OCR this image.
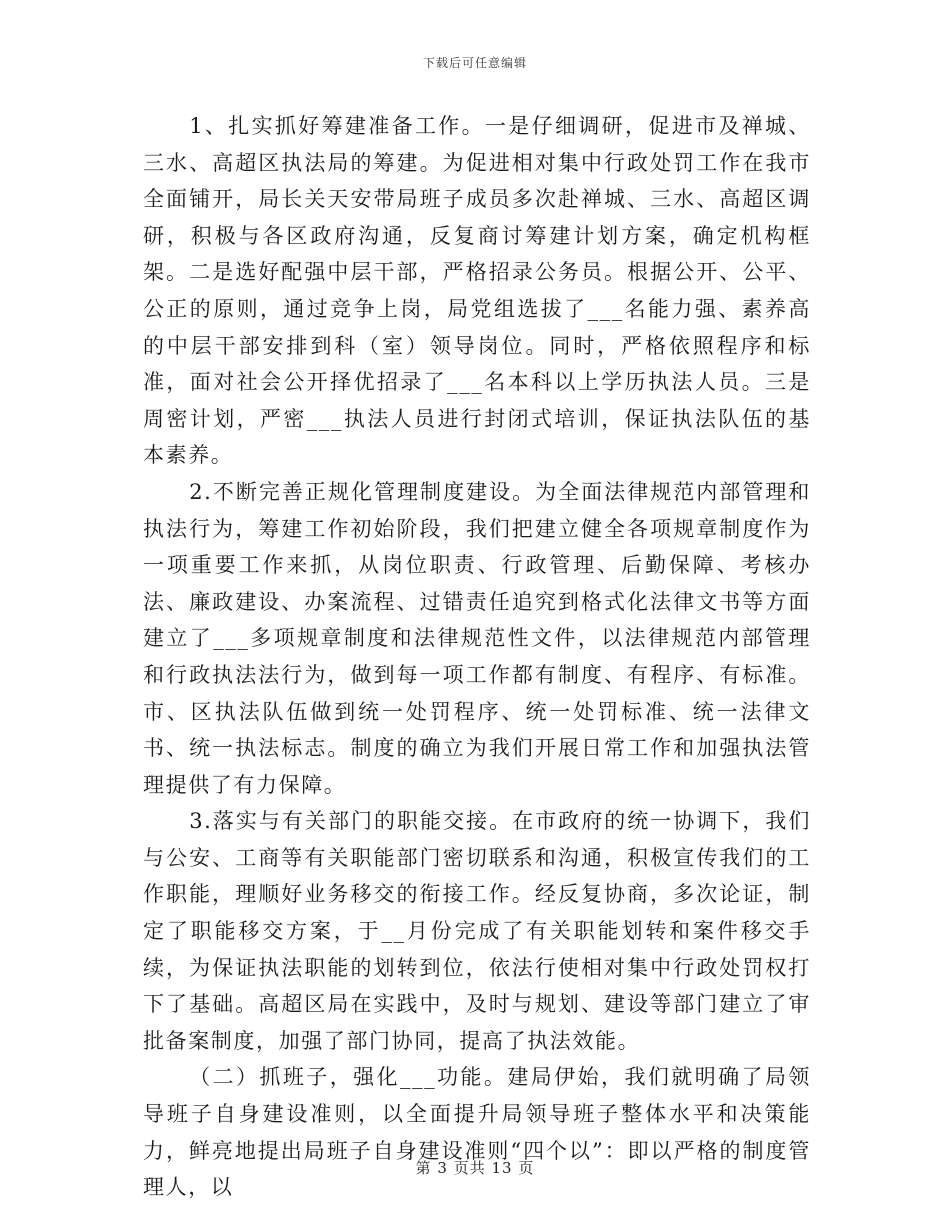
下载后可任意编辑

1、扎实抓好筹建准备工作。一是仔细调研，促进市及禅城、三水、高超区执法局的筹建。为促进相对集中行政处罚工作在我市全面铺开，局长关天安带局班子成员多次赴禅城、三水、高超区调研，积极与各区政府沟通，反复商讨筹建计划方案，确定机构框架。二是选好配强中层干部，严格招录公务员。根据公开、公平、公正的原则，通过竞争上岗，局党组选拔了___名能力强、素养高的中层干部安排到科（室）领导岗位。同时，严格依照程序和标准，面对社会公开择优招录了___名本科以上学历执法人员。三是周密计划，严密___执法人员进行封闭式培训，保证执法队伍的基本素养。

2.不断完善正规化管理制度建设。为全面法律规范内部管理和执法行为，筹建工作初始阶段，我们把建立健全各项规章制度作为一项重要工作来抓，从岗位职责、行政管理、后勤保障、考核办法、廉政建设、办案流程、过错责任追究到格式化法律文书等方面建立了___多项规章制度和法律规范性文件，以法律规范内部管理和行政执法法行为，做到每一项工作都有制度、有程序、有标准。市、区执法队伍做到统一处罚程序、统一处罚标准、统一法律文书、统一执法标志。制度的确立为我们开展日常工作和加强执法管理提供了有力保障。

3.落实与有关部门的职能交接。在市政府的统一协调下，我们与公安、工商等有关职能部门密切联系和沟通，积极宣传我们的工作职能，理顺好业务移交的衔接工作。经反复协商，多次论证，制定了职能移交方案，于__月份完成了有关职能划转和案件移交手续，为保证执法职能的划转到位，依法行使相对集中行政处罚权打下了基础。高超区局在实践中，及时与规划、建设等部门建立了审批备案制度，加强了部门协同，提高了执法效能。

（二）抓班子，强化___功能。建局伊始，我们就明确了局领导班子自身建设准则，以全面提升局领导班子整体水平和决策能力，鲜亮地提出局班子自身建设准则“四个以”：即以严格的制度管理人，以

第 3 页共 13 页
